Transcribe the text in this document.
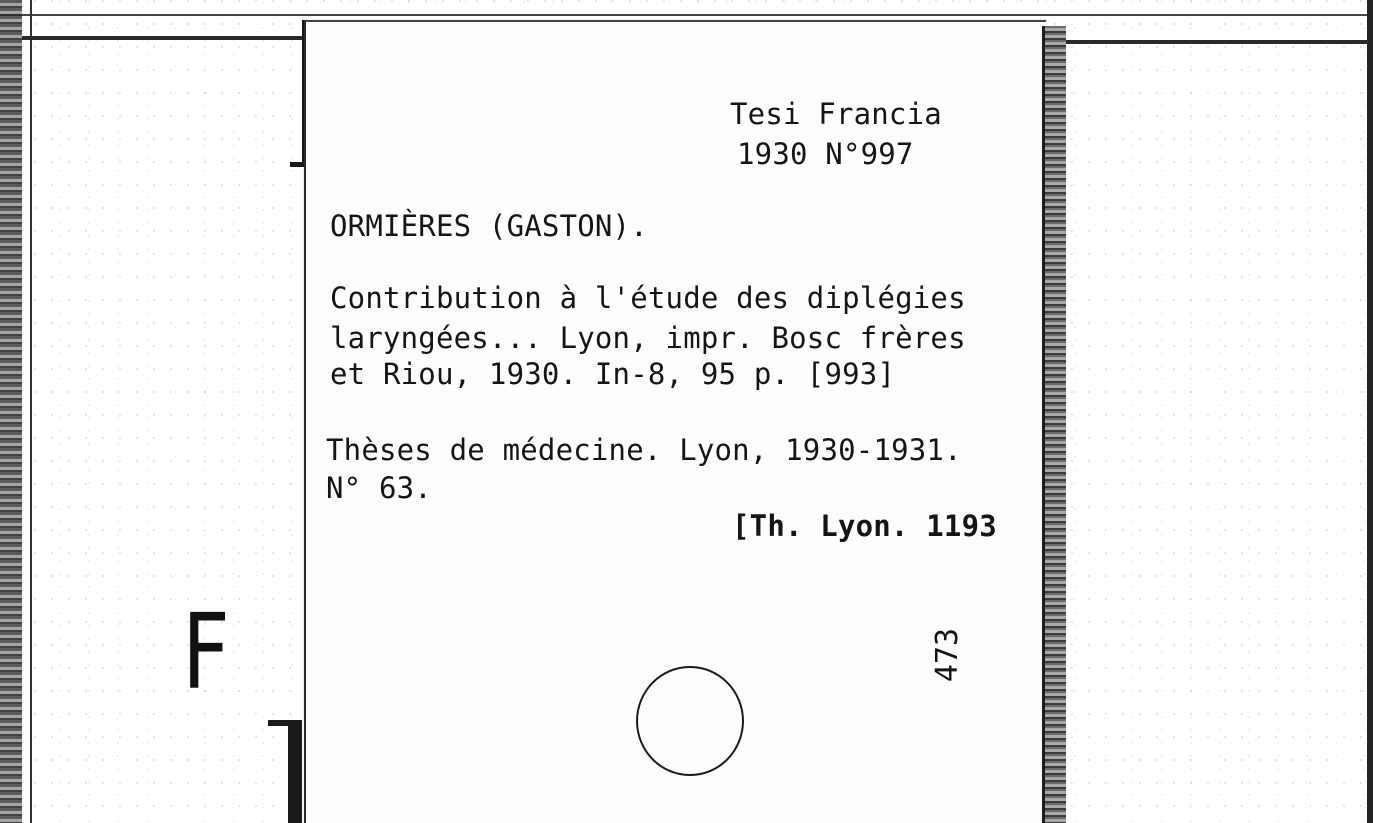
F
Tesi Francia
1930 N°997
ORMIÈRES (GASTON).
Contribution à l'étude des diplégies
laryngées... Lyon, impr. Bosc frères
et Riou, 1930. In-8, 95 p. [993]
Thèses de médecine. Lyon, 1930-1931.
N° 63.
[Th. Lyon. 1193
473
